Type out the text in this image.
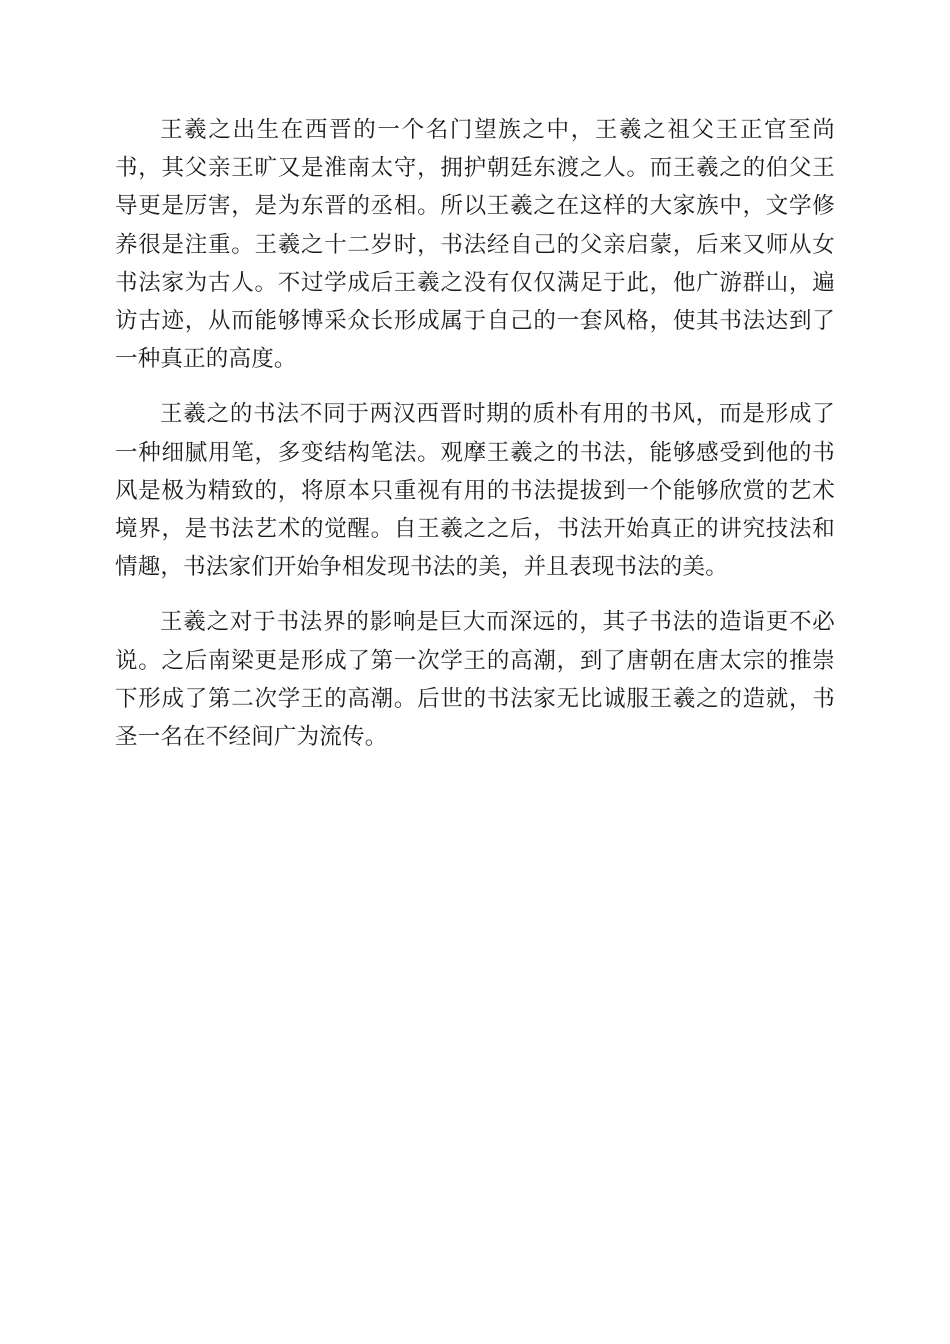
王羲之出生在西晋的一个名门望族之中，王羲之祖父王正官至尚书，其父亲王旷又是淮南太守，拥护朝廷东渡之人。而王羲之的伯父王导更是厉害，是为东晋的丞相。所以王羲之在这样的大家族中，文学修养很是注重。王羲之十二岁时，书法经自己的父亲启蒙，后来又师从女书法家为古人。不过学成后王羲之没有仅仅满足于此，他广游群山，遍访古迹，从而能够博采众长形成属于自己的一套风格，使其书法达到了一种真正的高度。

王羲之的书法不同于两汉西晋时期的质朴有用的书风，而是形成了一种细腻用笔，多变结构笔法。观摩王羲之的书法，能够感受到他的书风是极为精致的，将原本只重视有用的书法提拔到一个能够欣赏的艺术境界，是书法艺术的觉醒。自王羲之之后，书法开始真正的讲究技法和情趣，书法家们开始争相发现书法的美，并且表现书法的美。

王羲之对于书法界的影响是巨大而深远的，其子书法的造诣更不必说。之后南梁更是形成了第一次学王的高潮，到了唐朝在唐太宗的推崇下形成了第二次学王的高潮。后世的书法家无比诚服王羲之的造就，书圣一名在不经间广为流传。
